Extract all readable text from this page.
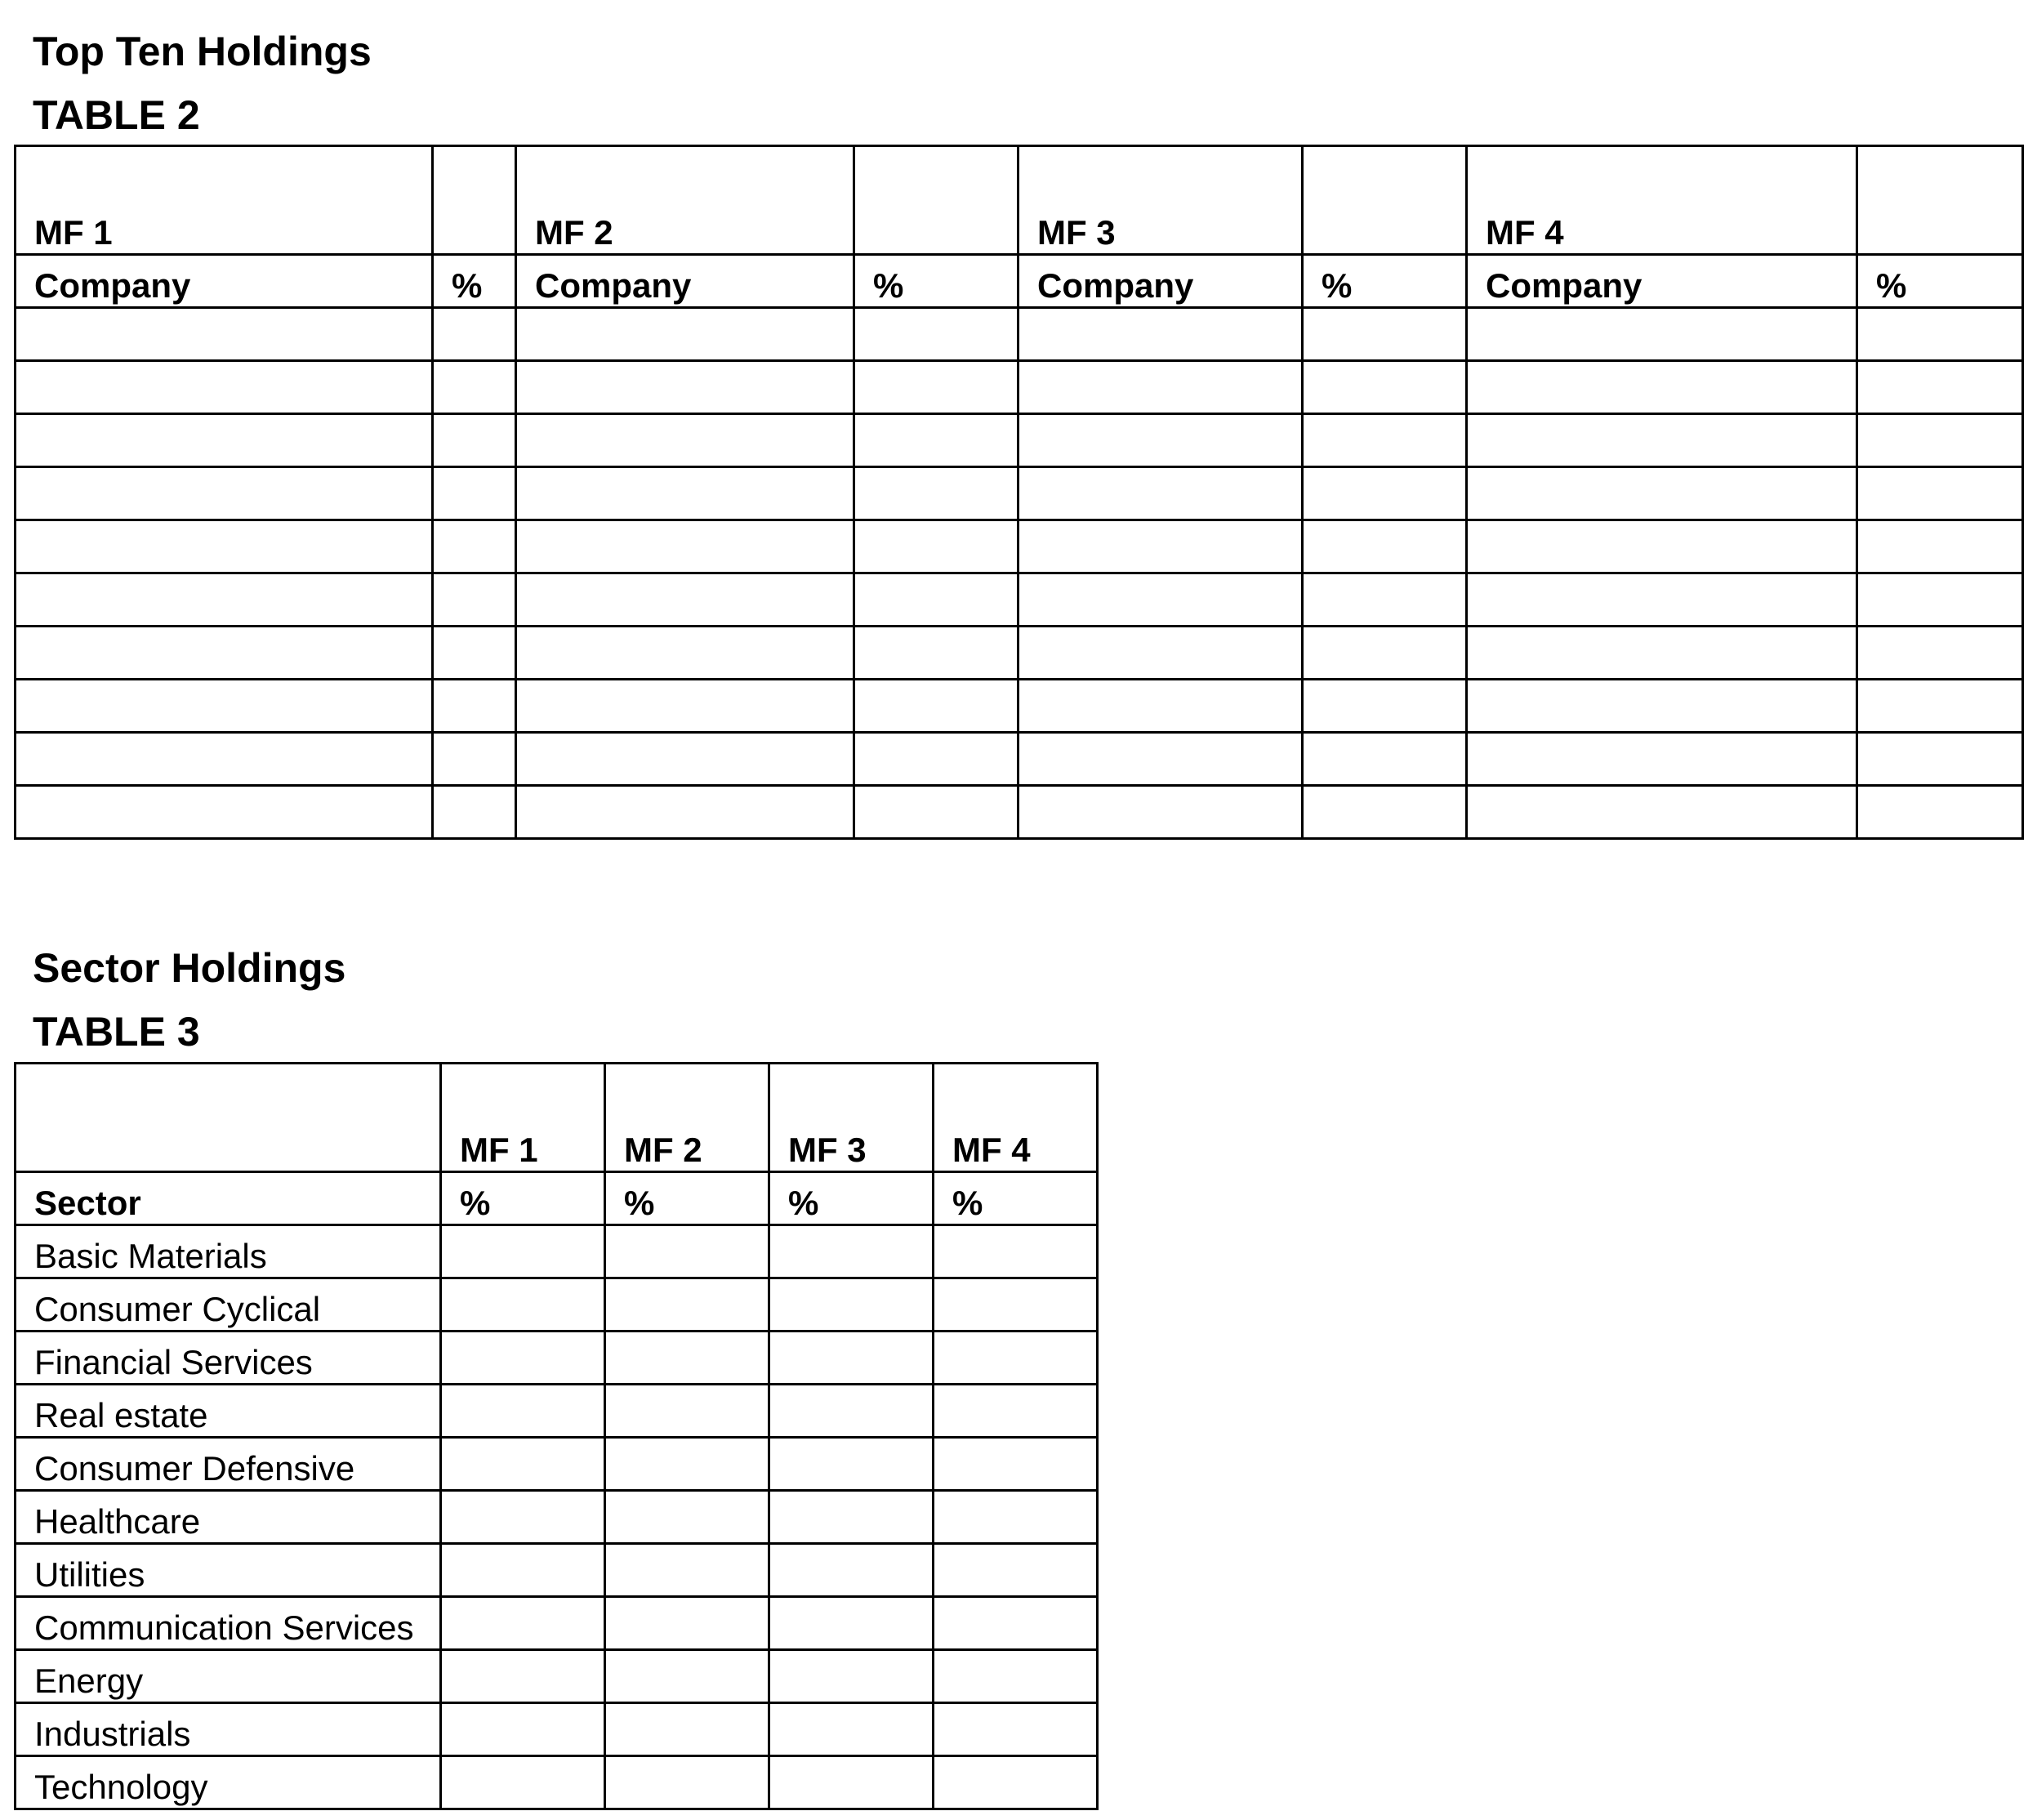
Top Ten Holdings
TABLE 2
MF 1		MF 2		MF 3		MF 4	
Company	%	Company	%	Company	%	Company	%

Sector Holdings
TABLE 3
	MF 1	MF 2	MF 3	MF 4
Sector	%	%	%	%
Basic Materials				
Consumer Cyclical				
Financial Services				
Real estate				
Consumer Defensive				
Healthcare				
Utilities				
Communication Services				
Energy				
Industrials				
Technology				
